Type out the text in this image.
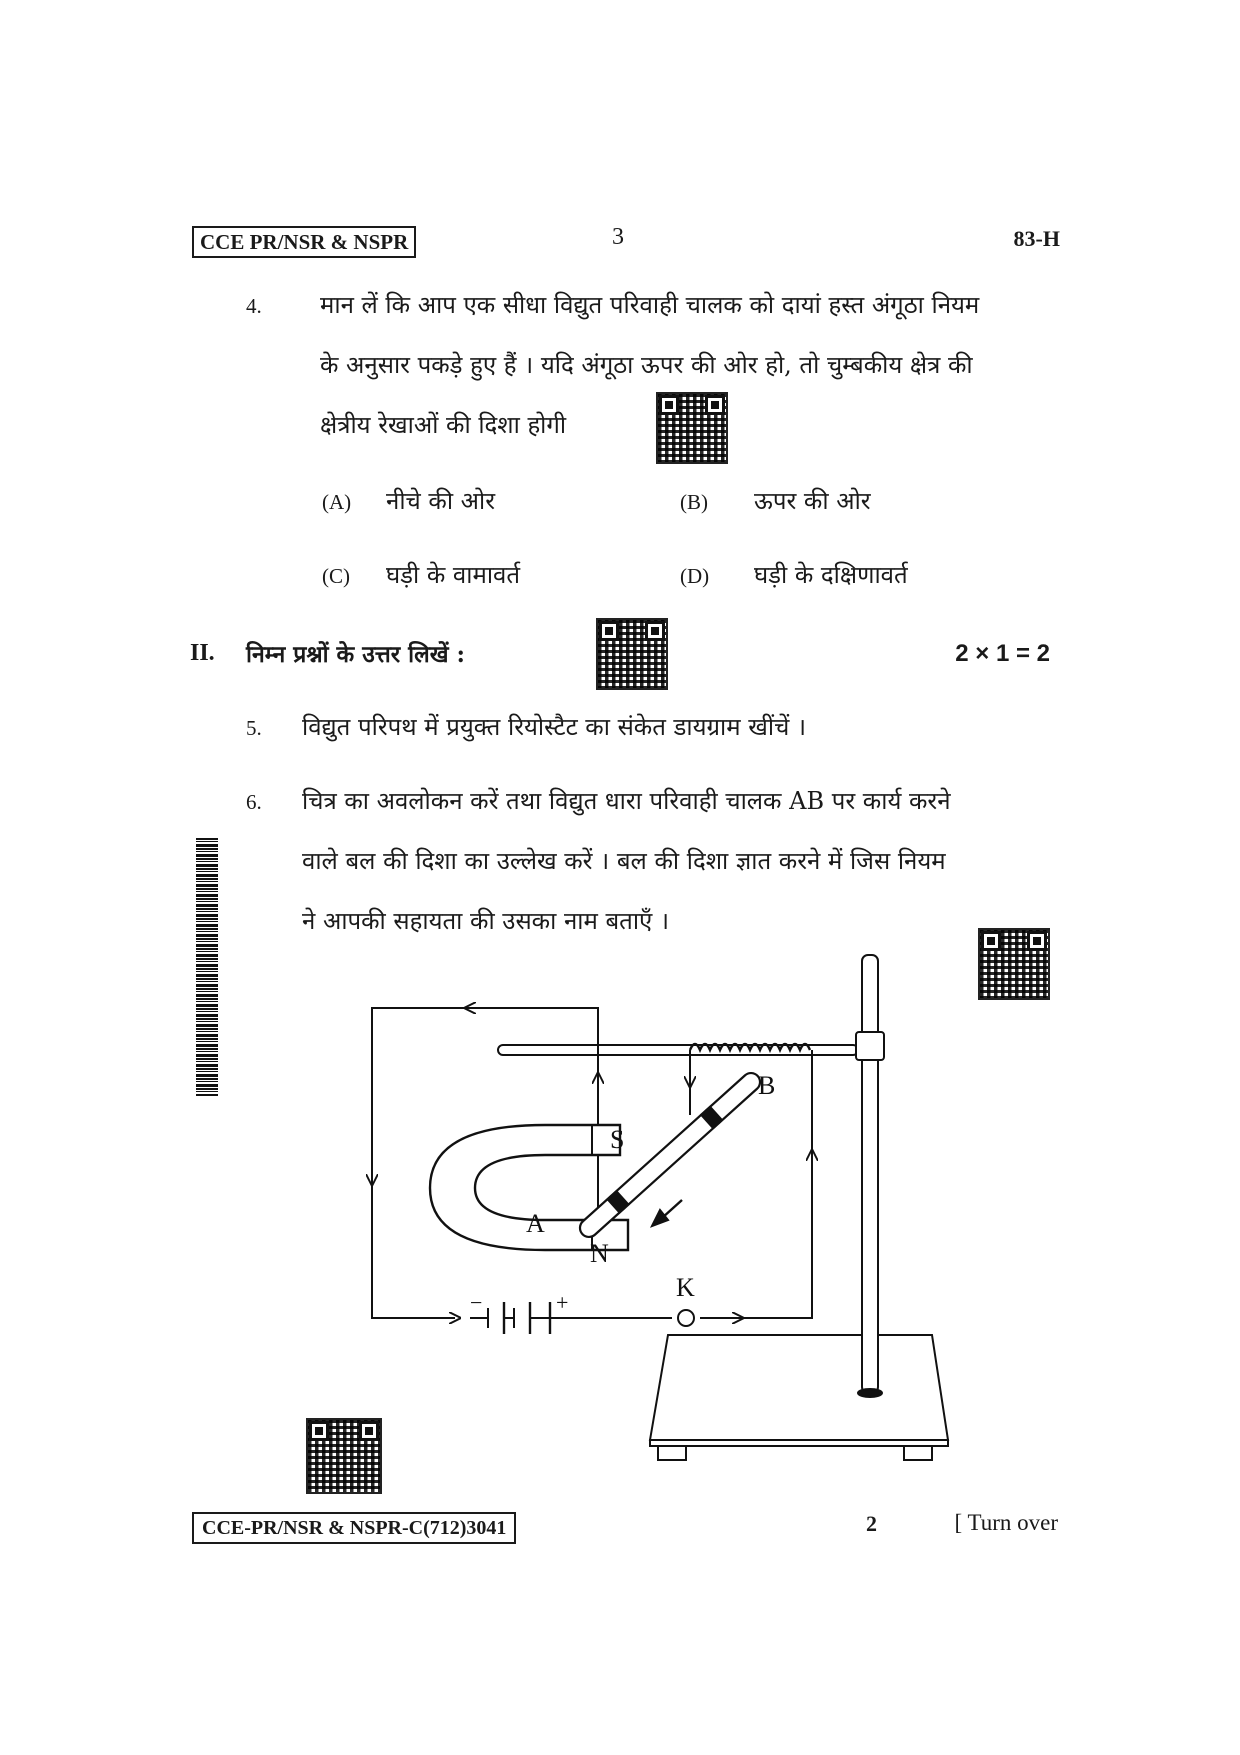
CCE PR/NSR & NSPR	3	83-H
4. मान लें कि आप एक सीधा विद्युत परिवाही चालक को दायां हस्त अंगूठा नियम
के अनुसार पकड़े हुए हैं । यदि अंगूठा ऊपर की ओर हो, तो चुम्बकीय क्षेत्र की
क्षेत्रीय रेखाओं की दिशा होगी
(A) नीचे की ओर	(B) ऊपर की ओर
(C) घड़ी के वामावर्त	(D) घड़ी के दक्षिणावर्त
II. निम्न प्रश्नों के उत्तर लिखें :	2 × 1 = 2
5. विद्युत परिपथ में प्रयुक्त रियोस्टैट का संकेत डायग्राम खींचें ।
6. चित्र का अवलोकन करें तथा विद्युत धारा परिवाही चालक AB पर कार्य करने
वाले बल की दिशा का उल्लेख करें । बल की दिशा ज्ञात करने में जिस नियम
ने आपकी सहायता की उसका नाम बताएँ ।
B
S
A
N
K
−	+
CCE-PR/NSR & NSPR-C(712)3041	2	[ Turn over
